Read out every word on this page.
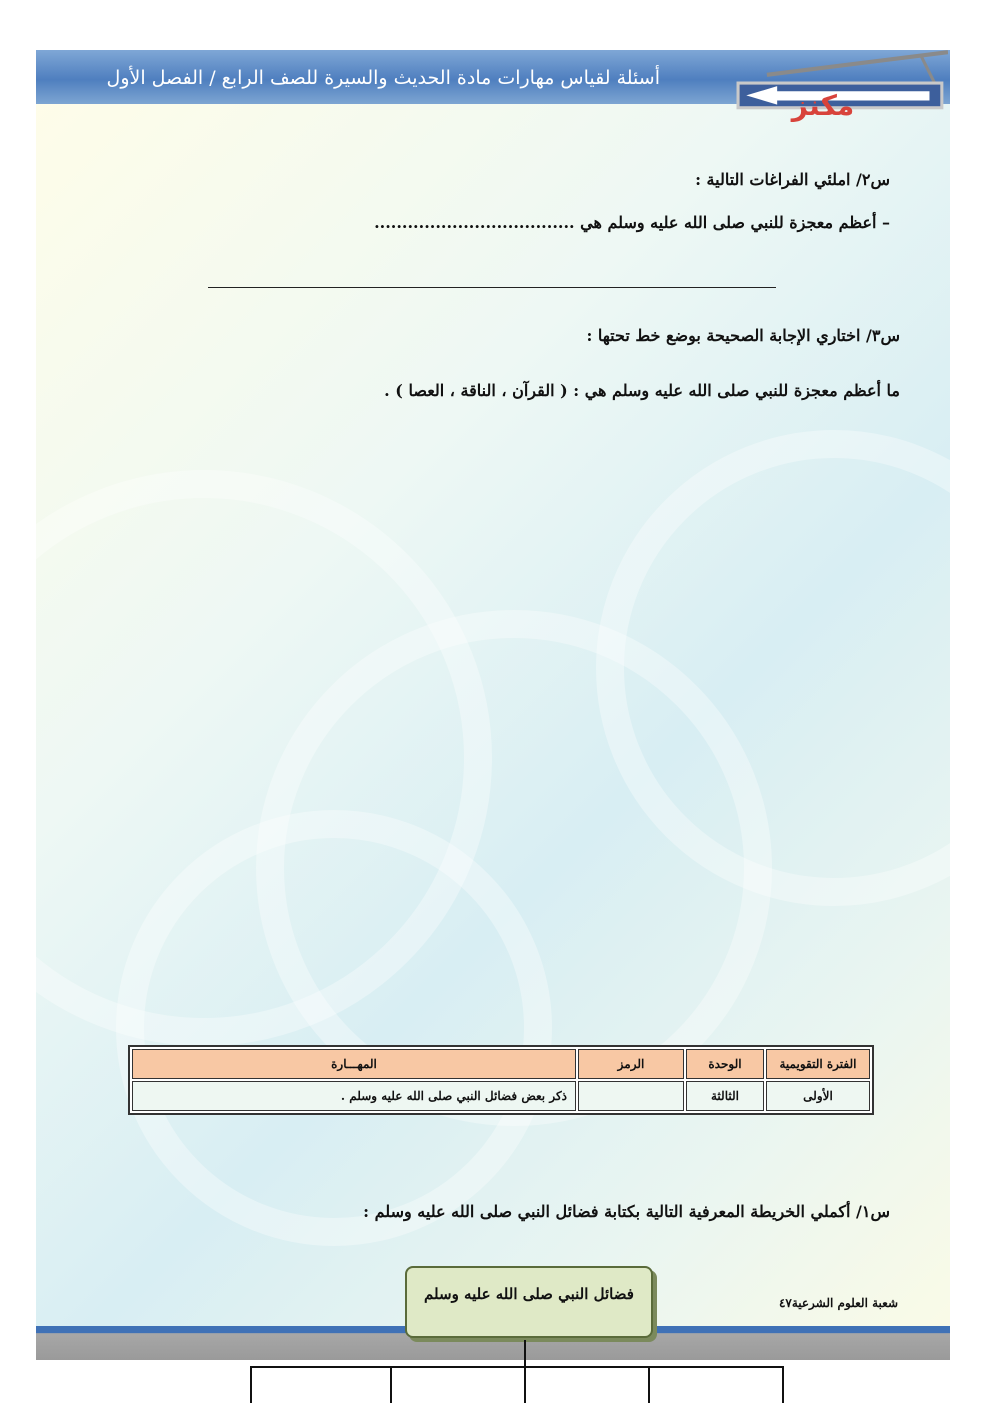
أسئلة لقياس مهارات مادة الحديث والسيرة للصف الرابع / الفصل الأول
مكنز
س٢/ املئي الفراغات التالية :
– أعظم معجزة للنبي صلى الله عليه وسلم هي ....................................
س٣/ اختاري الإجابة الصحيحة بوضع خط تحتها :
ما أعظم معجزة للنبي صلى الله عليه وسلم هي : ( القرآن ، الناقة ، العصا ) .
الفترة التقويمية	الوحدة	الرمز	المهـــارة
الأولى	الثالثة		ذكر بعض فضائل النبي صلى الله عليه وسلم .
س١/ أكملي الخريطة المعرفية التالية بكتابة فضائل النبي صلى الله عليه وسلم :
شعبة العلوم الشرعية٤٧
فضائل النبي صلى الله عليه وسلم
